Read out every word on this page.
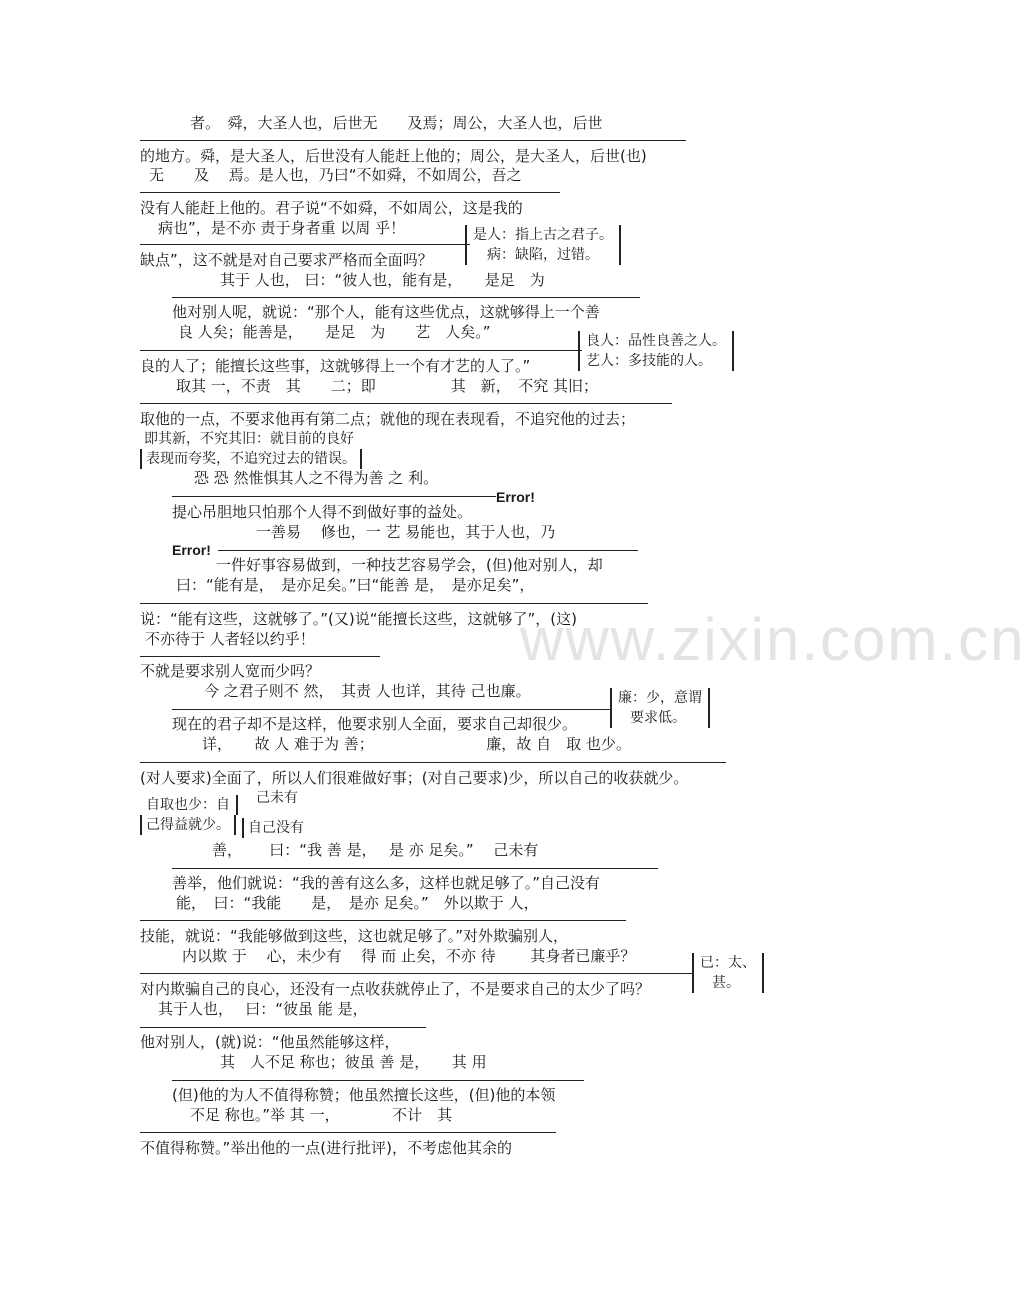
www.zixin.com.cn
者。　舜，大圣人也，后世无　　及焉；周公，大圣人也，后世
的地方。舜，是大圣人，后世没有人能赶上他的；周公，是大圣人，后世(也)
无　　及　 焉。是人也，乃曰“不如舜，不如周公，吾之
没有人能赶上他的。君子说“不如舜，不如周公，这是我的
病也”，是不亦 责于身者重 以周 乎！	是人：指上古之君子。
病：缺陷，过错。
缺点”，这不就是对自己要求严格而全面吗？
其于 人也， 曰：“彼人也，能有是，　　是足　为
他对别人呢，就说：“那个人，能有这些优点，这就够得上一个善
良 人矣；能善是，　　是足　为　　艺　人矣。”	良人：品性良善之人。
艺人：多技能的人。
良的人了；能擅长这些事，这就够得上一个有才艺的人了。”
取其 一，不责　其　　二；即　　　　　其　新，　不究 其旧；
取他的一点，不要求他再有第二点；就他的现在表现看，不追究他的过去；
即其新，不究其旧：就目前的良好
表现而夸奖，不追究过去的错误。
恐 恐 然惟惧其人之不得为善 之 利。
Error!
提心吊胆地只怕那个人得不到做好事的益处。
一善易　 修也，一 艺 易能也，其于人也，乃
Error!
一件好事容易做到，一种技艺容易学会，(但)他对别人，却
曰：“能有是，　是亦足矣。”曰“能善 是，　是亦足矣”，
说：“能有这些，这就够了。”(又)说“能擅长这些，这就够了”，(这)
不亦待于 人者轻以约乎！
不就是要求别人宽而少吗？
今 之君子则不 然，　其责 人也详，其待 己也廉。	廉：少，意谓
要求低。
现在的君子却不是这样，他要求别人全面，要求自己却很少。
详，　　故 人 难于为 善；　　　　　　　　廉，故 自　取 也少。
(对人要求)全面了，所以人们很难做好事；(对自己要求)少，所以自己的收获就少。
自取也少：自
己得益就少。
己未有
自己没有
善，　　 曰：“我 善 是，　 是 亦 足矣。”　 己未有
善举，他们就说：“我的善有这么多，这样也就足够了。”自己没有
能，　曰：“我能　　是，　是亦 足矣。”　外以欺于 人，
技能，就说：“我能够做到这些，这也就足够了。”对外欺骗别人，
内以欺 于　 心，未少有　 得 而 止矣，不亦 待　　 其身者已廉乎？	已：太、
甚。
对内欺骗自己的良心，还没有一点收获就停止了，不是要求自己的太少了吗？
其于人也，　 曰：“彼虽 能 是，
他对别人，(就)说：“他虽然能够这样，
其　人不足 称也；彼虽 善 是，　　其 用
(但)他的为人不值得称赞；他虽然擅长这些，(但)他的本领
不足 称也。”举 其 一，　　　　不计　其
不值得称赞。”举出他的一点(进行批评)，不考虑他其余的
